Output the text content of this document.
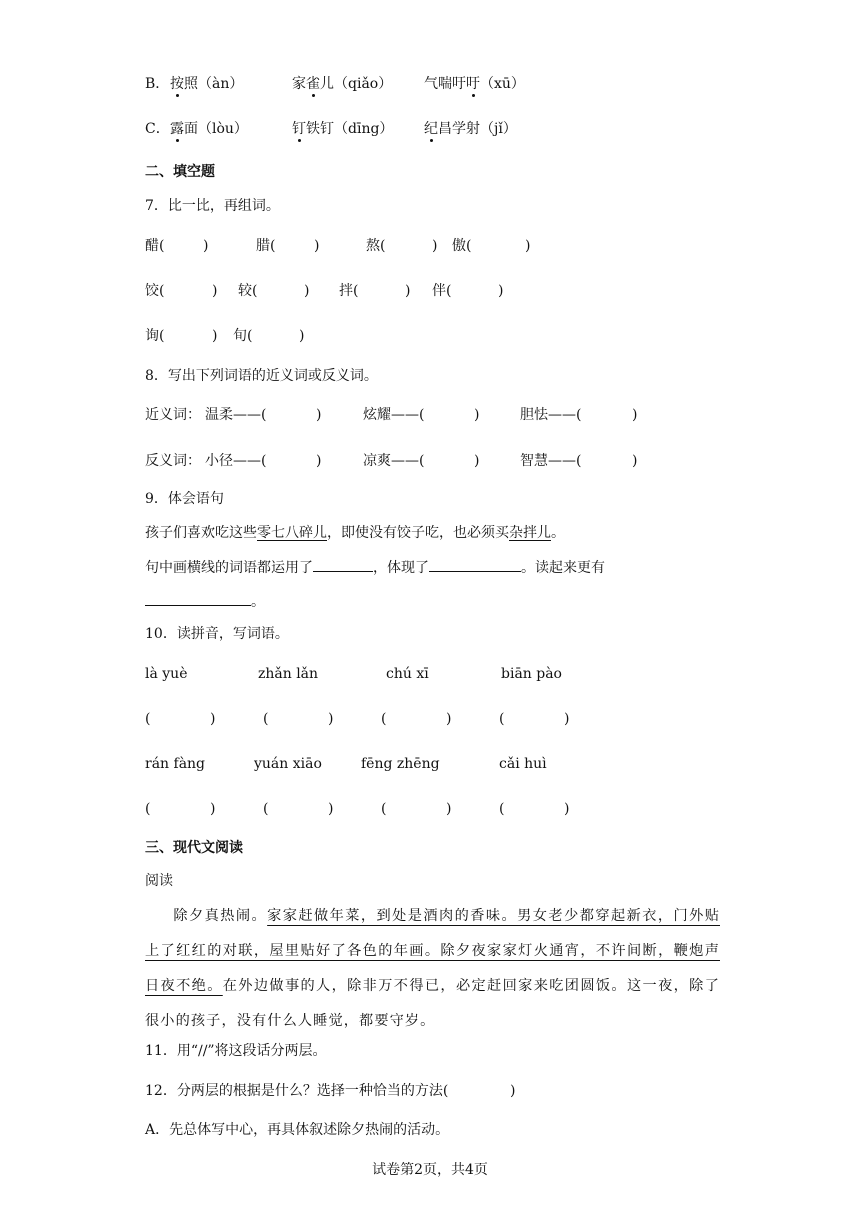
B． 按照（àn）	家雀儿（qiǎo） 气喘吁吁（xū）
C． 露面（lòu）	钉铁钉（dīng） 纪昌学射（jǐ）
二、填空题
7．比一比，再组词。
醋(	)	腊(	)	熬(	) 傲(	)
饺(	) 较(	) 拌(	) 伴(	)
询(	) 旬(	)
8．写出下列词语的近义词或反义词。
近义词： 温柔——(	)	炫耀——(	)	胆怯——(	)
反义词： 小径——(	)	凉爽——(	)	智慧——(	)
9．体会语句
孩子们喜欢吃这些零七八碎儿，即使没有饺子吃，也必须买杂拌儿。
句中画横线的词语都运用了	，体现了	。读起来更有
。
10．读拼音，写词语。
là yuè	zhǎn lǎn	chú xī	biān pào
(	)	(	)	(	)	(	)
rán fàng	yuán xiāo	fēng zhēng	cǎi huì
(	)	(	)	(	)	(	)
三、现代文阅读
阅读
除夕真热闹。家家赶做年菜，到处是酒肉的香味。男女老少都穿起新衣，门外贴上了红红的对联，屋里贴好了各色的年画。除夕夜家家灯火通宵，不许间断，鞭炮声日夜不绝。在外边做事的人，除非万不得已，必定赶回家来吃团圆饭。这一夜，除了很小的孩子，没有什么人睡觉，都要守岁。
11．用“∕∕”将这段话分两层。
12．分两层的根据是什么？选择一种恰当的方法(	)
A．先总体写中心，再具体叙述除夕热闹的活动。
试卷第2页，共4页
